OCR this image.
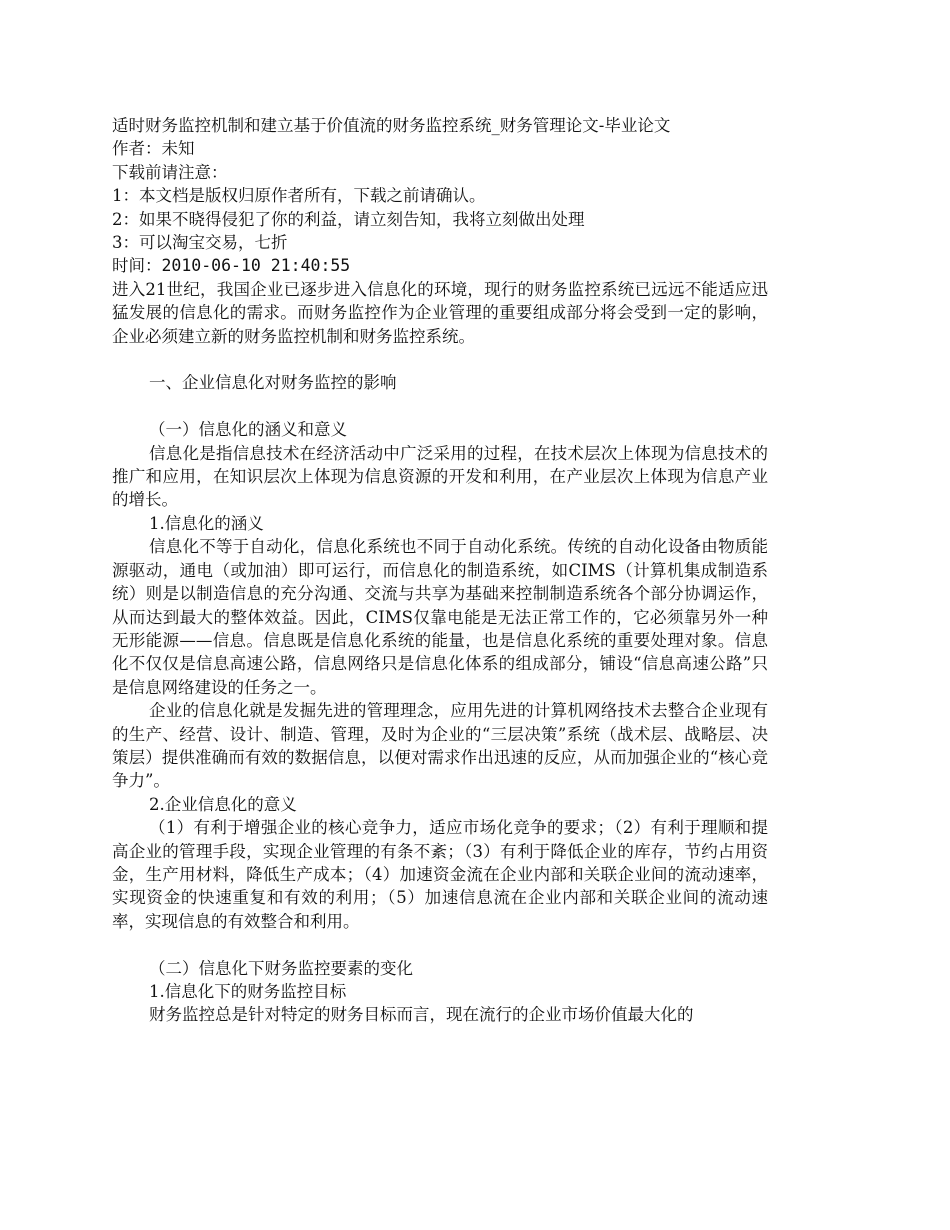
适时财务监控机制和建立基于价值流的财务监控系统_财务管理论文-毕业论文
作者：未知
下载前请注意：
1：本文档是版权归原作者所有，下载之前请确认。
2：如果不晓得侵犯了你的利益，请立刻告知，我将立刻做出处理
3：可以淘宝交易，七折
时间：2010-06-10 21:40:55
进入21世纪，我国企业已逐步进入信息化的环境，现行的财务监控系统已远远不能适应迅猛发展的信息化的需求。而财务监控作为企业管理的重要组成部分将会受到一定的影响，企业必须建立新的财务监控机制和财务监控系统。
一、企业信息化对财务监控的影响
（一）信息化的涵义和意义
信息化是指信息技术在经济活动中广泛采用的过程，在技术层次上体现为信息技术的推广和应用，在知识层次上体现为信息资源的开发和利用，在产业层次上体现为信息产业的增长。
1.信息化的涵义
信息化不等于自动化，信息化系统也不同于自动化系统。传统的自动化设备由物质能源驱动，通电（或加油）即可运行，而信息化的制造系统，如CIMS（计算机集成制造系统）则是以制造信息的充分沟通、交流与共享为基础来控制制造系统各个部分协调运作，从而达到最大的整体效益。因此，CIMS仅靠电能是无法正常工作的，它必须靠另外一种无形能源——信息。信息既是信息化系统的能量，也是信息化系统的重要处理对象。信息化不仅仅是信息高速公路，信息网络只是信息化体系的组成部分，铺设“信息高速公路”只是信息网络建设的任务之一。
企业的信息化就是发掘先进的管理理念，应用先进的计算机网络技术去整合企业现有的生产、经营、设计、制造、管理，及时为企业的“三层决策”系统（战术层、战略层、决策层）提供准确而有效的数据信息，以便对需求作出迅速的反应，从而加强企业的“核心竞争力”。
2.企业信息化的意义
（1）有利于增强企业的核心竞争力，适应市场化竞争的要求；（2）有利于理顺和提高企业的管理手段，实现企业管理的有条不紊；（3）有利于降低企业的库存，节约占用资金，生产用材料，降低生产成本；（4）加速资金流在企业内部和关联企业间的流动速率，实现资金的快速重复和有效的利用；（5）加速信息流在企业内部和关联企业间的流动速率，实现信息的有效整合和利用。
（二）信息化下财务监控要素的变化
1.信息化下的财务监控目标
财务监控总是针对特定的财务目标而言，现在流行的企业市场价值最大化的
